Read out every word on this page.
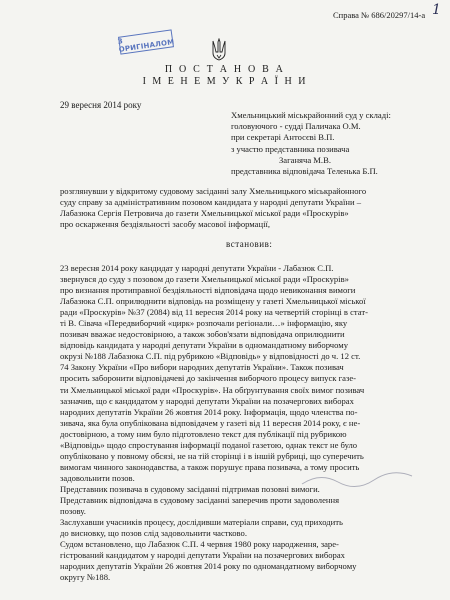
Справа № 686/20297/14-а 1
З ОРИГІНАЛОМ
П О С Т А Н О В А
І М Е Н Е М У К Р А Ї Н И
29 вересня 2014 року
Хмельницький міськрайонний суд у складі:
головуючого - судді Паличака О.М.
при секретарі Антосєві В.П.
з участю представника позивача
Заганяча М.В.
представника відповідача Теленька Б.П.
розглянувши у відкритому судовому засіданні залу Хмельницького міськрайонного
суду справу за адміністративним позовом кандидата у народні депутати України –
Лабазюка Сергія Петровича до газети Хмельницької міської ради «Проскурів»
про оскарження бездіяльності засобу масової інформації,
встановив:
23 вересня 2014 року кандидат у народні депутати України - Лабазюк С.П.
звернувся до суду з позовом до газети Хмельницької міської ради «Проскурів»
про визнання протиправної бездіяльності відповідача щодо невиконання вимоги
Лабазюка С.П. оприлюднити відповідь на розміщену у газеті Хмельницької міської
ради «Проскурів» №37 (2084) від 11 вересня 2014 року на четвертій сторінці в стат-
ті В. Сівача «Передвиборчий «цирк» розпочали регіонали…» інформацію, яку
позивач вважає недостовірною, а також зобов'язати відповідача оприлюднити
відповідь кандидата у народні депутати України в одномандатному виборчому
окрузі №188 Лабазюка С.П. під рубрикою «Відповідь» у відповідності до ч. 12 ст.
74 Закону України «Про вибори народних депутатів України». Також позивач
просить заборонити відповідачеві до закінчення виборчого процесу випуск газе-
ти Хмельницької міської ради «Проскурів». На обґрунтування своїх вимог позивач
зазначив, що є кандидатом у народні депутати України на позачергових виборах
народних депутатів України 26 жовтня 2014 року. Інформація, щодо членства по-
зивача, яка була опублікована відповідачем у газеті від 11 вересня 2014 року, є не-
достовірною, а тому ним було підготовлено текст для публікації під рубрикою
«Відповідь» щодо спростування інформації поданої газетою, однак текст не було
опубліковано у повному обсязі, не на тій сторінці і в іншій рубриці, що суперечить
вимогам чинного законодавства, а також порушує права позивача, а тому просить
задовольнити позов.
Представник позивача в судовому засіданні підтримав позовні вимоги.
Представник відповідача в судовому засіданні заперечив проти задоволення
позову.
Заслухавши учасників процесу, дослідивши матеріали справи, суд приходить
до висновку, що позов слід задовольнити частково.
Судом встановлено, що Лабазюк С.П. 4 червня 1980 року народження, заре-
гістрований кандидатом у народні депутати України на позачергових виборах
народних депутатів України 26 жовтня 2014 року по одномандатному виборчому
округу №188.
